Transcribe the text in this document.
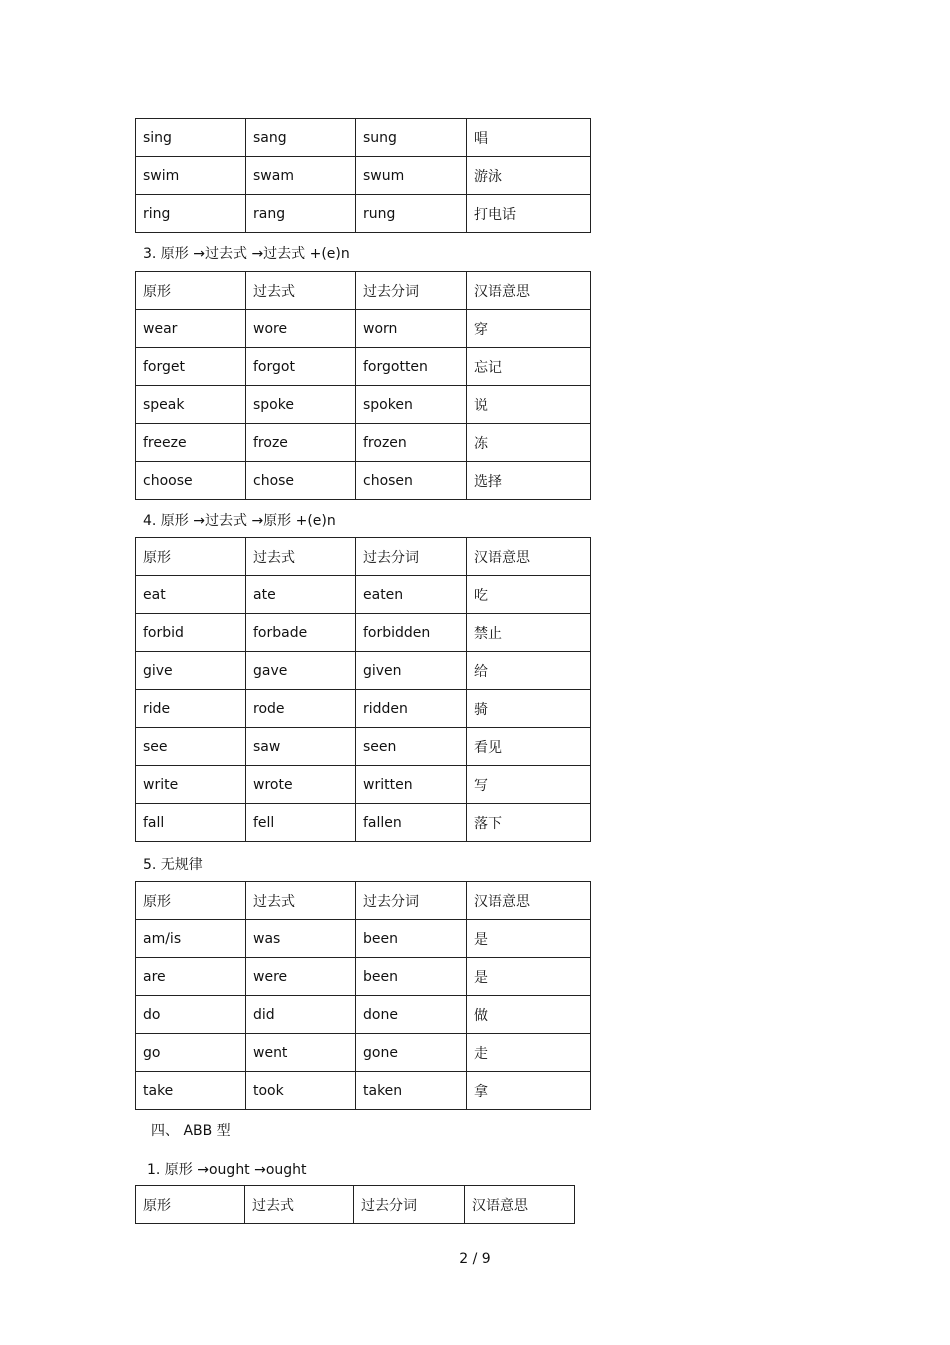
sing	sang	sung	唱
swim	swam	swum	游泳
ring	rang	rung	打电话
3. 原形 →过去式 →过去式 +(e)n
原形	过去式	过去分词	汉语意思
wear	wore	worn	穿
forget	forgot	forgotten	忘记
speak	spoke	spoken	说
freeze	froze	frozen	冻
choose	chose	chosen	选择
4. 原形 →过去式 →原形 +(e)n
原形	过去式	过去分词	汉语意思
eat	ate	eaten	吃
forbid	forbade	forbidden	禁止
give	gave	given	给
ride	rode	ridden	骑
see	saw	seen	看见
write	wrote	written	写
fall	fell	fallen	落下
5. 无规律
原形	过去式	过去分词	汉语意思
am/is	was	been	是
are	were	been	是
do	did	done	做
go	went	gone	走
take	took	taken	拿
四、 ABB 型
1. 原形 →ought →ought
原形	过去式	过去分词	汉语意思
2 / 9
